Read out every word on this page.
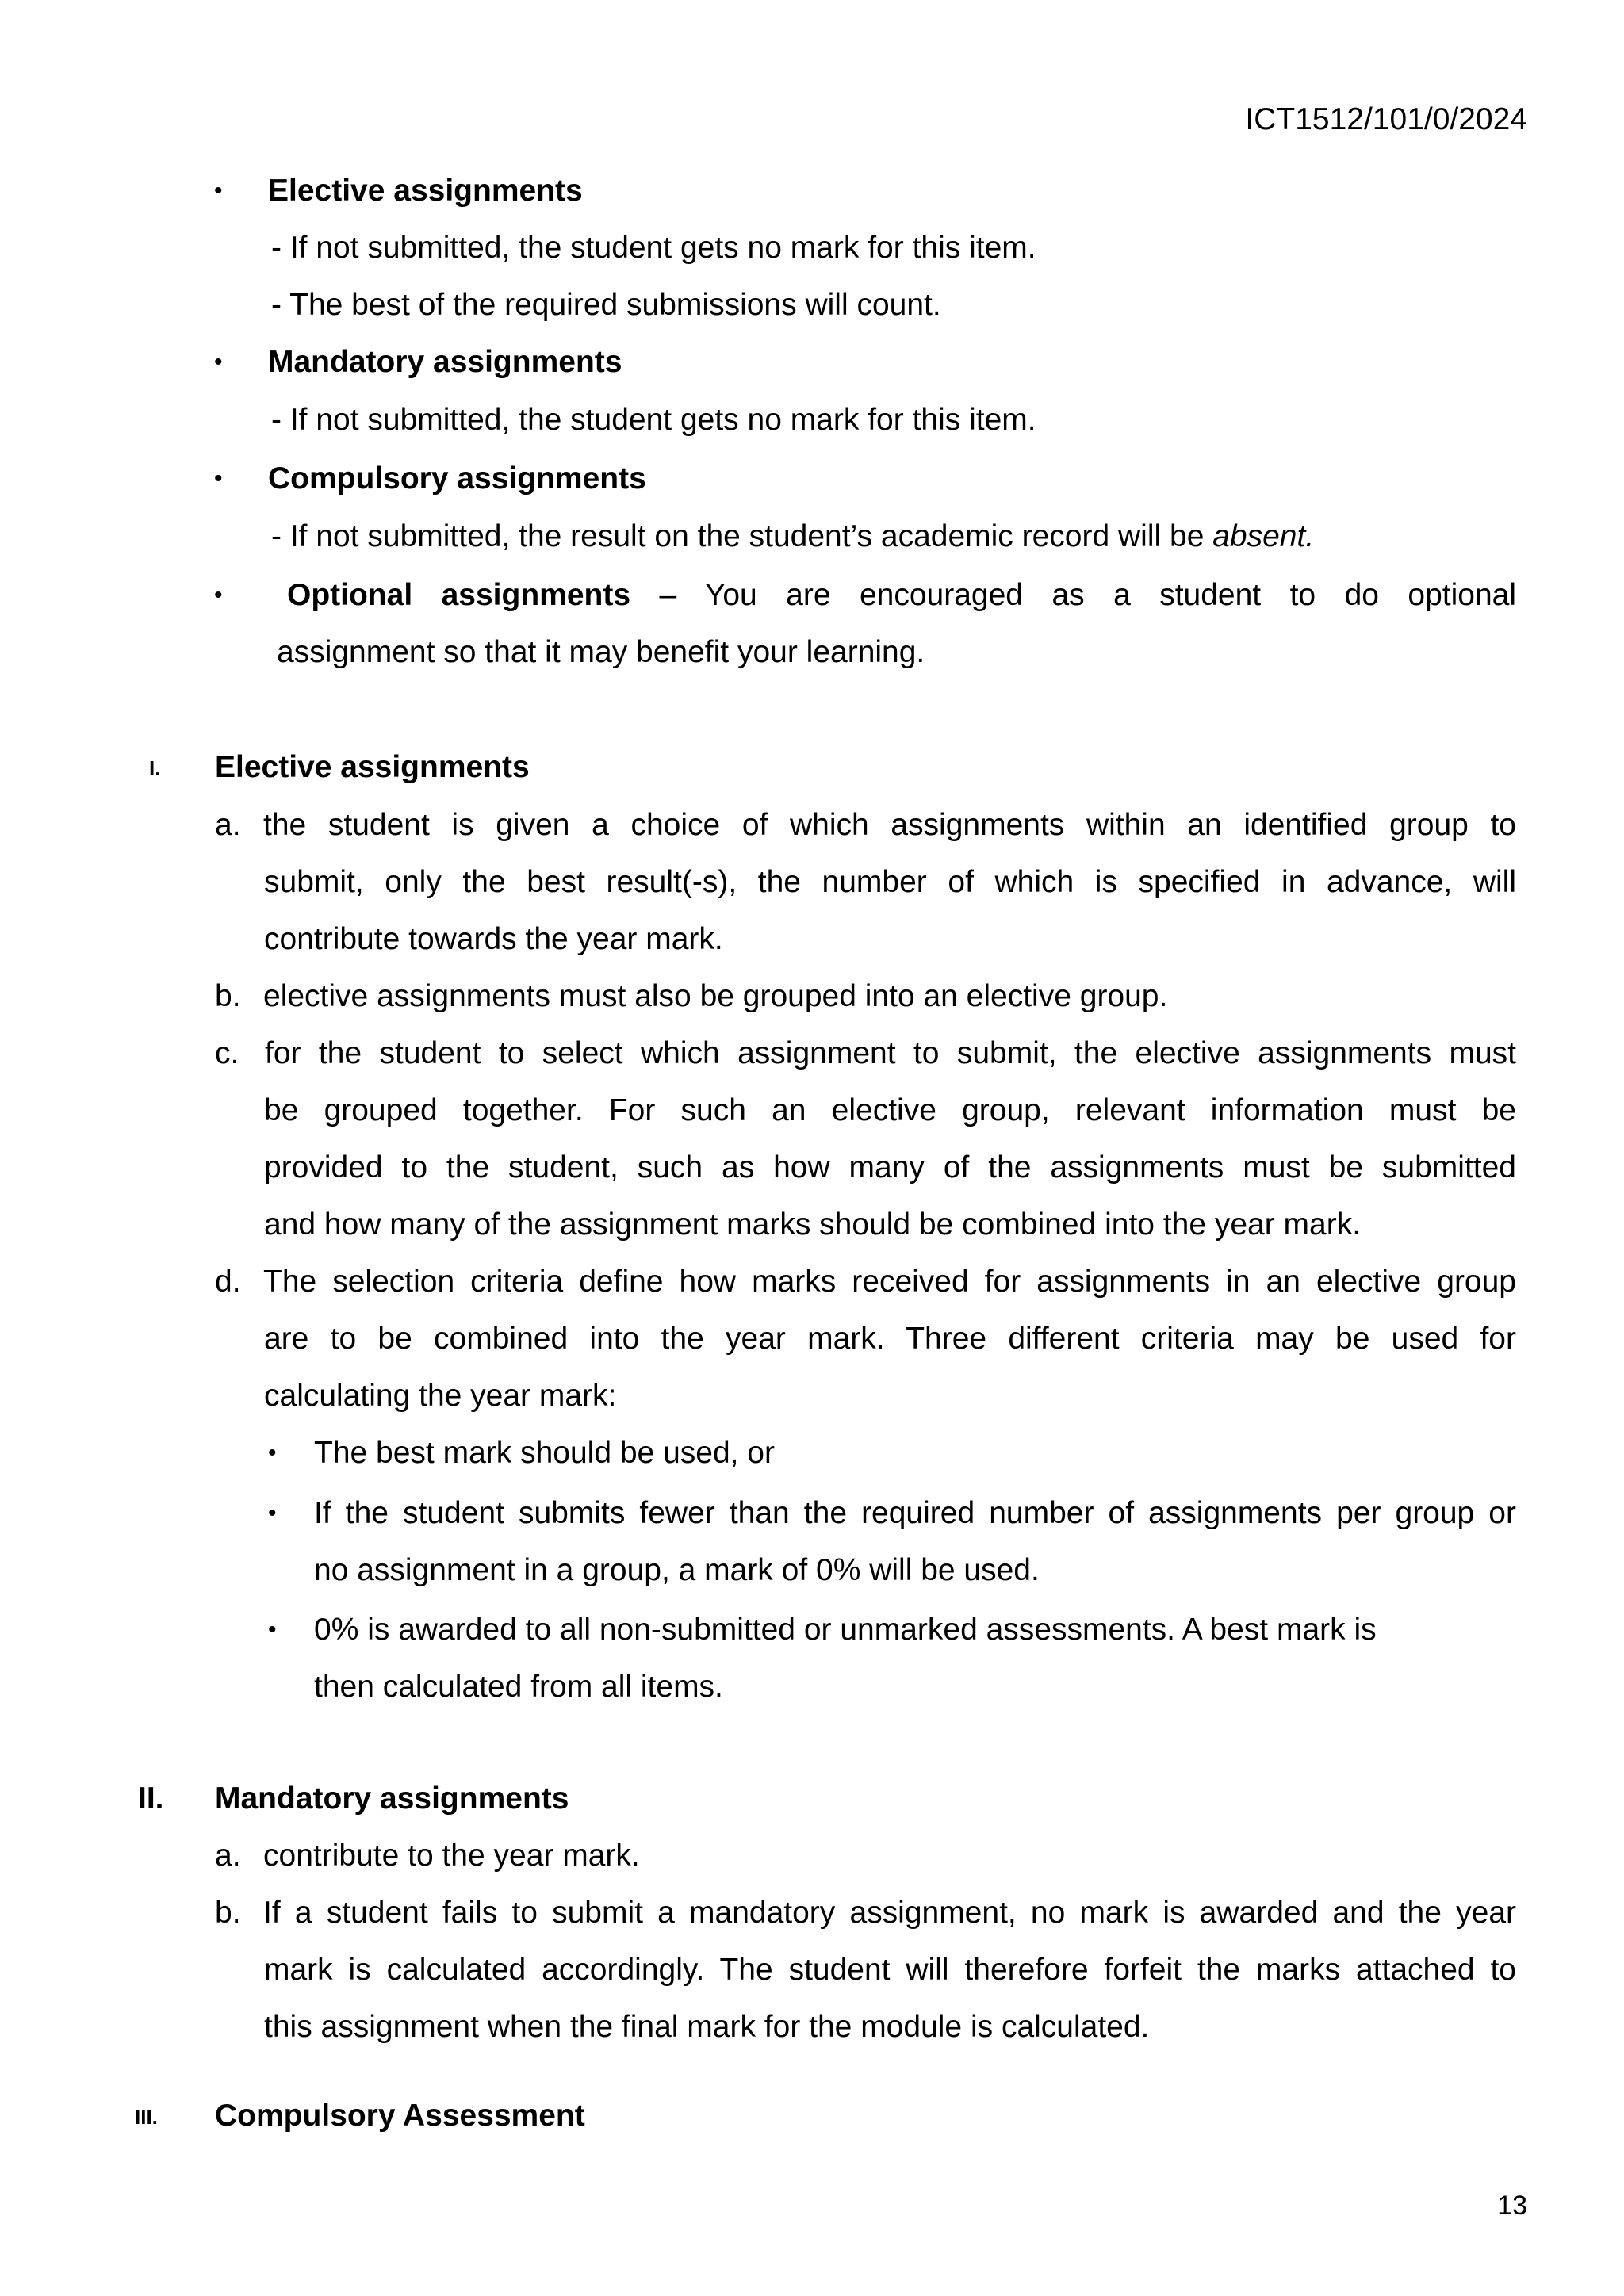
ICT1512/101/0/2024
• Elective assignments
- If not submitted, the student gets no mark for this item.
- The best of the required submissions will count.
• Mandatory assignments
- If not submitted, the student gets no mark for this item.
• Compulsory assignments
- If not submitted, the result on the student’s academic record will be absent.
• Optional assignments – You are encouraged as a student to do optional
assignment so that it may benefit your learning.
I. Elective assignments
a. the student is given a choice of which assignments within an identified group to
submit, only the best result(-s), the number of which is specified in advance, will
contribute towards the year mark.
b. elective assignments must also be grouped into an elective group.
c. for the student to select which assignment to submit, the elective assignments must
be grouped together. For such an elective group, relevant information must be
provided to the student, such as how many of the assignments must be submitted
and how many of the assignment marks should be combined into the year mark.
d. The selection criteria define how marks received for assignments in an elective group
are to be combined into the year mark. Three different criteria may be used for
calculating the year mark:
• The best mark should be used, or
• If the student submits fewer than the required number of assignments per group or
no assignment in a group, a mark of 0% will be used.
• 0% is awarded to all non-submitted or unmarked assessments. A best mark is
then calculated from all items.
II. Mandatory assignments
a. contribute to the year mark.
b. If a student fails to submit a mandatory assignment, no mark is awarded and the year
mark is calculated accordingly. The student will therefore forfeit the marks attached to
this assignment when the final mark for the module is calculated.
III. Compulsory Assessment
13
